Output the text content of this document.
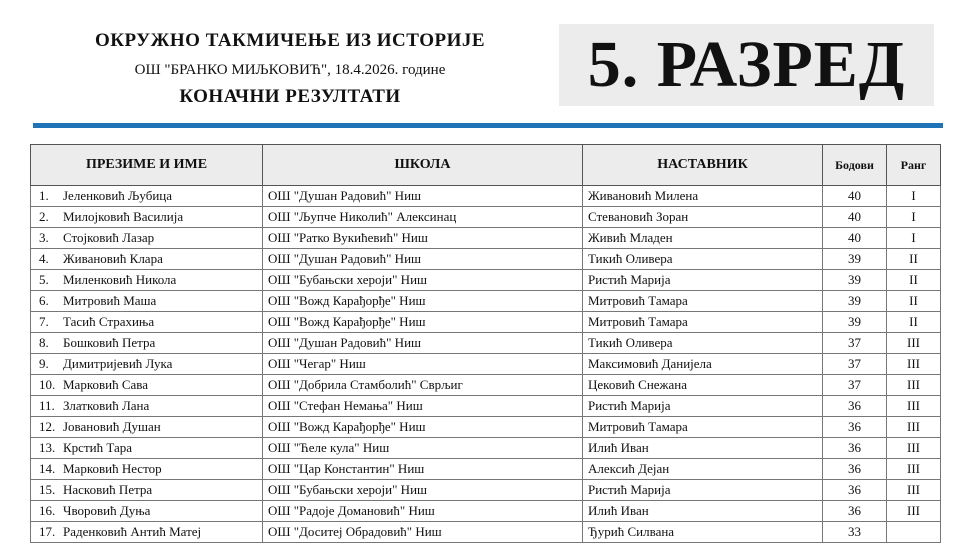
ОКРУЖНО ТАКМИЧЕЊЕ ИЗ ИСТОРИЈЕ
ОШ "БРАНКО МИЉКОВИЋ", 18.4.2026. године
КОНАЧНИ РЕЗУЛТАТИ	5. РАЗРЕД
ПРЕЗИМЕ И ИМЕ	ШКОЛА	НАСТАВНИК	Бодови	Ранг
1. Јеленковић Љубица	ОШ "Душан Радовић" Ниш	Живановић Милена	40	I
2. Милојковић Василија	ОШ "Љупче Николић" Алексинац	Стевановић Зоран	40	I
3. Стојковић Лазар	ОШ "Ратко Вукићевић" Ниш	Живић Младен	40	I
4. Живановић Клара	ОШ "Душан Радовић" Ниш	Тикић Оливера	39	II
5. Миленковић Никола	ОШ "Бубањски хероји" Ниш	Ристић Марија	39	II
6. Митровић Маша	ОШ "Вожд Карађорђе" Ниш	Митровић Тамара	39	II
7. Тасић Страхиња	ОШ "Вожд Карађорђе" Ниш	Митровић Тамара	39	II
8. Бошковић Петра	ОШ "Душан Радовић" Ниш	Тикић Оливера	37	III
9. Димитријевић Лука	ОШ "Чегар" Ниш	Максимовић Данијела	37	III
10. Марковић Сава	ОШ "Добрила Стамболић" Сврљиг	Цековић Снежана	37	III
11. Златковић Лана	ОШ "Стефан Немања" Ниш	Ристић Марија	36	III
12. Јовановић Душан	ОШ "Вожд Карађорђе" Ниш	Митровић Тамара	36	III
13. Крстић Тара	ОШ "Ћеле кула" Ниш	Илић Иван	36	III
14. Марковић Нестор	ОШ "Цар Константин" Ниш	Алексић Дејан	36	III
15. Насковић Петра	ОШ "Бубањски хероји" Ниш	Ристић Марија	36	III
16. Чворовић Дуња	ОШ "Радоје Домановић" Ниш	Илић Иван	36	III
17. Раденковић Антић Матеј	ОШ "Доситеј Обрадовић" Ниш	Ђурић Силвана	33	
